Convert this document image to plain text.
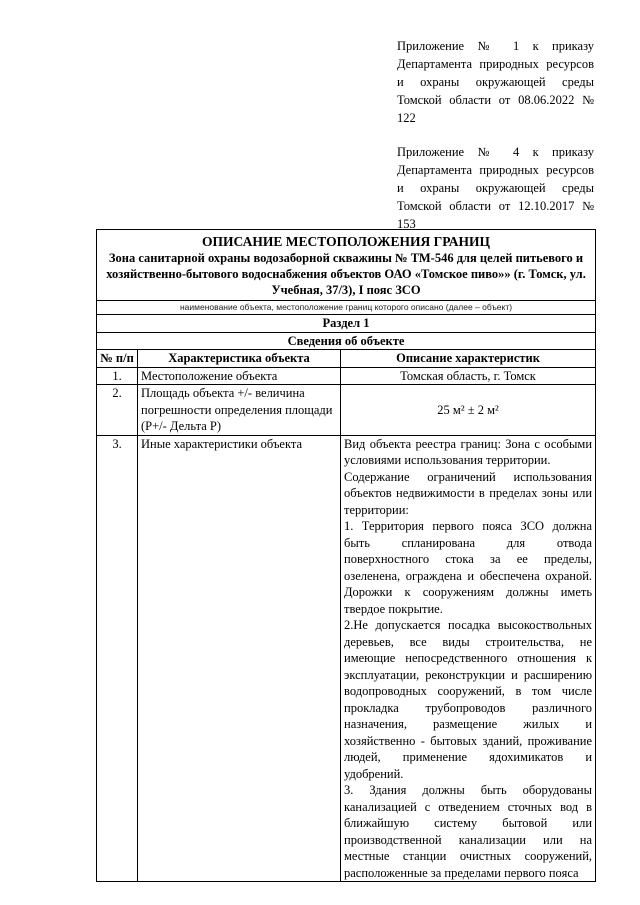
Приложение № 1 к приказу Департамента природных ресурсов и охраны окружающей среды Томской области от 08.06.2022 № 122

Приложение № 4 к приказу Департамента природных ресурсов и охраны окружающей среды Томской области от 12.10.2017 № 153

ОПИСАНИЕ МЕСТОПОЛОЖЕНИЯ ГРАНИЦ
Зона санитарной охраны водозаборной скважины № ТМ-546 для целей питьевого и хозяйственно-бытового водоснабжения объектов ОАО «Томское пиво»» (г. Томск, ул. Учебная, 37/3), I пояс ЗСО		

наименование объекта, местоположение границ которого описано (далее – объект)		
Раздел 1		
Сведения об объекте		
№ п/п	Характеристика объекта	Описание характеристик
1.	Местоположение объекта	Томская область, г. Томск
2.	Площадь объекта +/- величина погрешности определения площади (P+/- Дельта P)	25 м² ± 2 м²
3.	Иные характеристики объекта	Вид объекта реестра границ: Зона с особыми условиями использования территории.

Содержание ограничений использования объектов недвижимости в пределах зоны или территории:

1. Территория первого пояса ЗСО должна быть спланирована для отвода поверхностного стока за ее пределы, озеленена, ограждена и обеспечена охраной. Дорожки к сооружениям должны иметь твердое покрытие.

2.Не допускается посадка высокоствольных деревьев, все виды строительства, не имеющие непосредственного отношения к эксплуатации, реконструкции и расширению водопроводных сооружений, в том числе прокладка трубопроводов различного назначения, размещение жилых и хозяйственно - бытовых зданий, проживание людей, применение ядохимикатов и удобрений.

3. Здания должны быть оборудованы канализацией с отведением сточных вод в ближайшую систему бытовой или производственной канализации или на местные станции очистных сооружений, расположенные за пределами первого пояса
